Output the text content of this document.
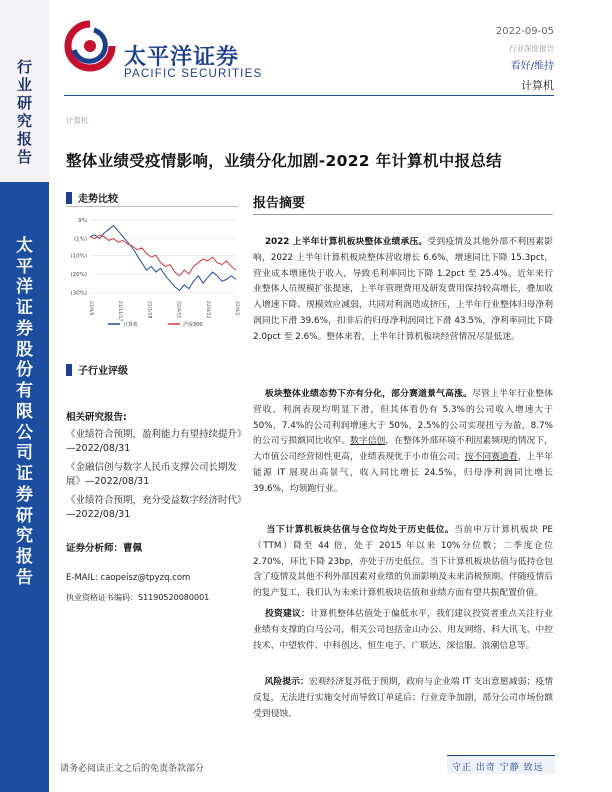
行
业
研
究
报
告
太
平
洋
证
券
股
份
有
限
公
司
证
券
研
究
报
告
太平洋证券
PACIFIC SECURITIES
2022-09-05
行业深度报告
看好/维持
计算机
计算机
整体业绩受疫情影响，业绩分化加剧-2022 年计算机中报总结
走势比较
9%
(1%)
(10%)
(20%)
(30%)
21/9/6	21/11/17	22/1/28	22/4/11	22/6/22	22/9/2
计算机	沪深300
子行业评级
相关研究报告:
《业绩符合预期，盈利能力有望持续提升》—2022/08/31
《金融信创与数字人民币支撑公司长期发展》—2022/08/31
《业绩符合预期，充分受益数字经济时代》—2022/08/31
证券分析师：曹佩
E-MAIL: caopeisz@tpyzq.com
执业资格证书编码：S1190520080001
报告摘要
2022 上半年计算机板块整体业绩承压。受到疫情及其他外部不利因素影响，2022 上半年计算机板块整体营收增长 6.6%，增速同比下降 15.3pct，营业成本增速快于收入，导致毛利率同比下降 1.2pct 至 25.4%。近年来行业整体人员规模扩张提速，上半年管理费用及研发费用保持较高增长，叠加收入增速下降、规模效应减弱，共同对利润造成挤压，上半年行业整体归母净利润同比下滑 39.6%，扣非后的归母净利润同比下滑 43.5%，净利率同比下降 2.0pct 至 2.6%。整体来看，上半年计算机板块经营情况尽显低迷。
板块整体业绩态势下亦有分化，部分赛道景气高涨。尽管上半年行业整体营收、利润表现均明显下滑，但其体看仍有 5.3%的公司收入增速大于 50%，7.4%的公司利润增速大于 50%，2.5%的公司实现扭亏为盈，8.7%的公司亏损额同比收窄。数字信创，在整体外部环境不利因素频现的情况下，大市值公司经营韧性更高，业绩表现优于小市值公司；按不同赛道看，上半年能源 IT 展现出高景气，收入同比增长 24.5%，归母净利润同比增长 39.6%，均领跑行业。
当下计算机板块估值与仓位均处于历史低位。当前申万计算机板块 PE（TTM）降至 44 倍，处于 2015 年以来 10%分位数；二季度仓位 2.70%，环比下降 23bp，亦处于历史低位。当下计算机板块估值与低持仓包含了疫情及其他不利外部因素对业绩的负面影响及未来消极预期。伴随疫情后的复产复工，我们认为未来计算机板块估值和业绩方面有望共振配置价值。
投资建议：计算机整体估值处于偏低水平，我们建议投资者重点关注行业业绩有支撑的白马公司，相关公司包括金山办公、用友网络、科大讯飞、中控技术、中望软件、中科创达、恒生电子、广联达、深信服、浪潮信息等。
风险提示：宏观经济复苏低于预期，政府与企业端 IT 支出意愿减弱；疫情反复，无法进行实施交付而导致订单延后；行业竞争加剧，部分公司市场份额受到侵蚀。
请务必阅读正文之后的免责条款部分	守正 出奇 宁静 致远
